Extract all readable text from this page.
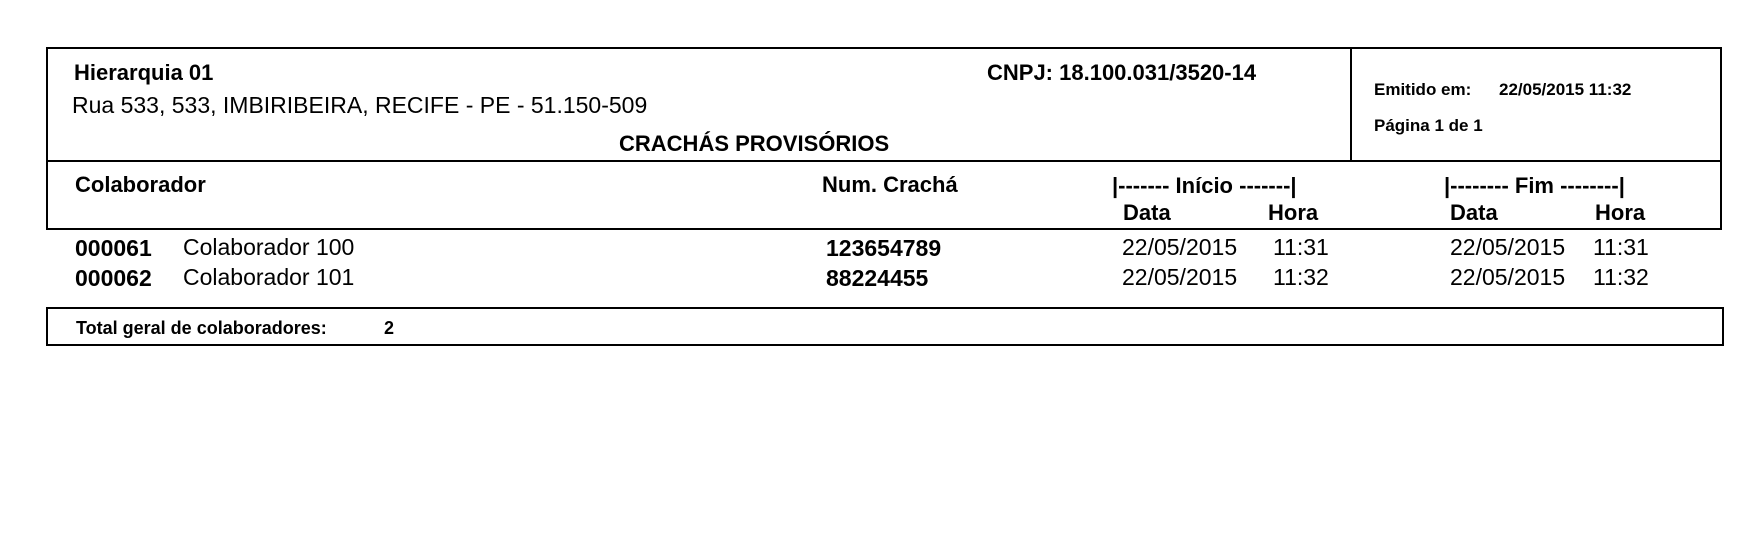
Hierarquia 01
Rua 533, 533, IMBIRIBEIRA, RECIFE - PE - 51.150-509
CNPJ: 18.100.031/3520-14
CRACHÁS PROVISÓRIOS
Emitido em: 22/05/2015 11:32
Página 1 de 1
Colaborador	Num. Crachá	|------- Início -------|	|-------- Fim --------|
Data	Hora	Data	Hora
000061 Colaborador 100	123654789	22/05/2015 11:31	22/05/2015 11:31
000062 Colaborador 101	88224455	22/05/2015 11:32	22/05/2015 11:32
Total geral de colaboradores:	2
